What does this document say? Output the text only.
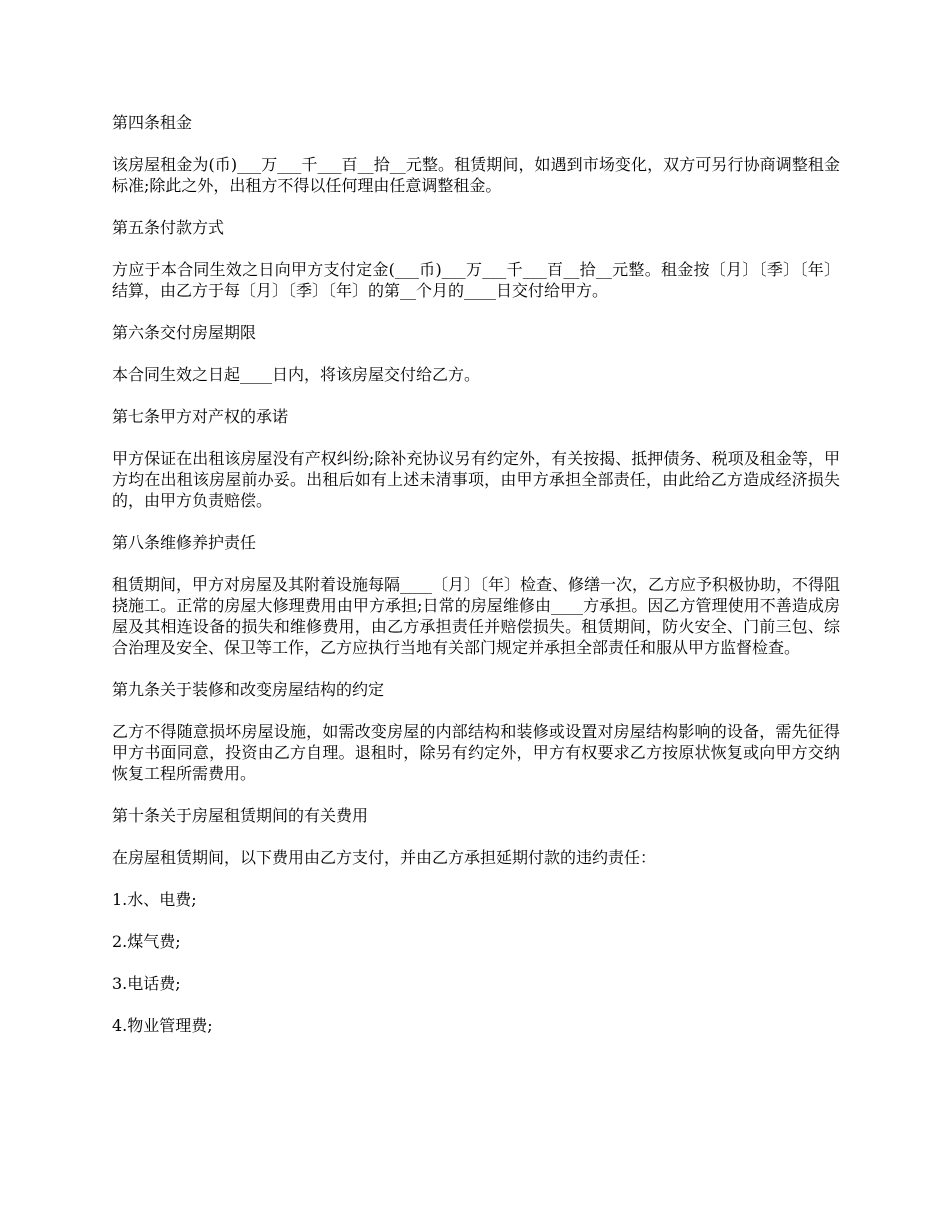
第四条租金
该房屋租金为(币)___万___千___百__拾__元整。租赁期间，如遇到市场变化，双方可另行协商调整租金标准;除此之外，出租方不得以任何理由任意调整租金。
第五条付款方式
方应于本合同生效之日向甲方支付定金(___币)___万___千___百__拾__元整。租金按〔月〕〔季〕〔年〕结算，由乙方于每〔月〕〔季〕〔年〕的第__个月的____日交付给甲方。
第六条交付房屋期限
本合同生效之日起____日内，将该房屋交付给乙方。
第七条甲方对产权的承诺
甲方保证在出租该房屋没有产权纠纷;除补充协议另有约定外，有关按揭、抵押债务、税项及租金等，甲方均在出租该房屋前办妥。出租后如有上述未清事项，由甲方承担全部责任，由此给乙方造成经济损失的，由甲方负责赔偿。
第八条维修养护责任
租赁期间，甲方对房屋及其附着设施每隔____〔月〕〔年〕检查、修缮一次，乙方应予积极协助，不得阻挠施工。正常的房屋大修理费用由甲方承担;日常的房屋维修由____方承担。因乙方管理使用不善造成房屋及其相连设备的损失和维修费用，由乙方承担责任并赔偿损失。租赁期间，防火安全、门前三包、综合治理及安全、保卫等工作，乙方应执行当地有关部门规定并承担全部责任和服从甲方监督检查。
第九条关于装修和改变房屋结构的约定
乙方不得随意损坏房屋设施，如需改变房屋的内部结构和装修或设置对房屋结构影响的设备，需先征得甲方书面同意，投资由乙方自理。退租时，除另有约定外，甲方有权要求乙方按原状恢复或向甲方交纳恢复工程所需费用。
第十条关于房屋租赁期间的有关费用
在房屋租赁期间，以下费用由乙方支付，并由乙方承担延期付款的违约责任：
1.水、电费;
2.煤气费;
3.电话费;
4.物业管理费;
